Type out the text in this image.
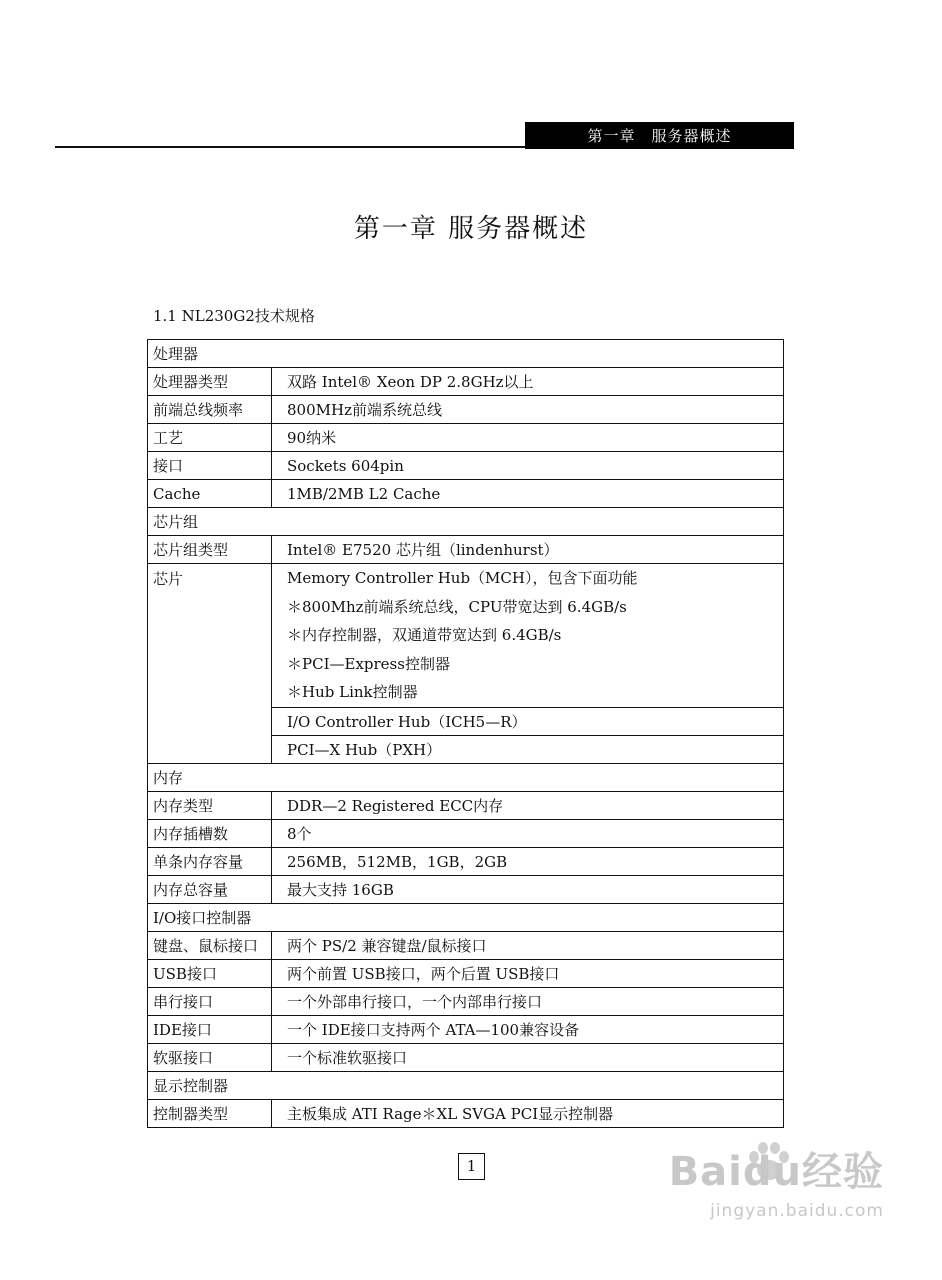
第一章　服务器概述
第一章 服务器概述
1.1 NL230G2技术规格
处理器	
处理器类型	双路 Intel® Xeon DP 2.8GHz以上
前端总线频率	800MHz前端系统总线
工艺	90纳米
接口	Sockets 604pin
Cache	1MB/2MB L2 Cache
芯片组	
芯片组类型	Intel® E7520 芯片组（lindenhurst）
芯片	Memory Controller Hub（MCH），包含下面功能
＊800Mhz前端系统总线，CPU带宽达到 6.4GB/s
＊内存控制器，双通道带宽达到 6.4GB/s
＊PCI—Express控制器
＊Hub Link控制器

	I/O Controller Hub（ICH5—R）
	PCI—X Hub（PXH）
内存	
内存类型	DDR—2 Registered ECC内存
内存插槽数	8个
单条内存容量	256MB，512MB，1GB，2GB
内存总容量	最大支持 16GB
I/O接口控制器	
键盘、鼠标接口	两个 PS/2 兼容键盘/鼠标接口
USB接口	两个前置 USB接口，两个后置 USB接口
串行接口	一个外部串行接口，一个内部串行接口
IDE接口	一个 IDE接口支持两个 ATA—100兼容设备
软驱接口	一个标准软驱接口
显示控制器	
控制器类型	主板集成 ATI Rage＊XL SVGA PCI显示控制器
1	Baidu经验
jingyan.baidu.com
